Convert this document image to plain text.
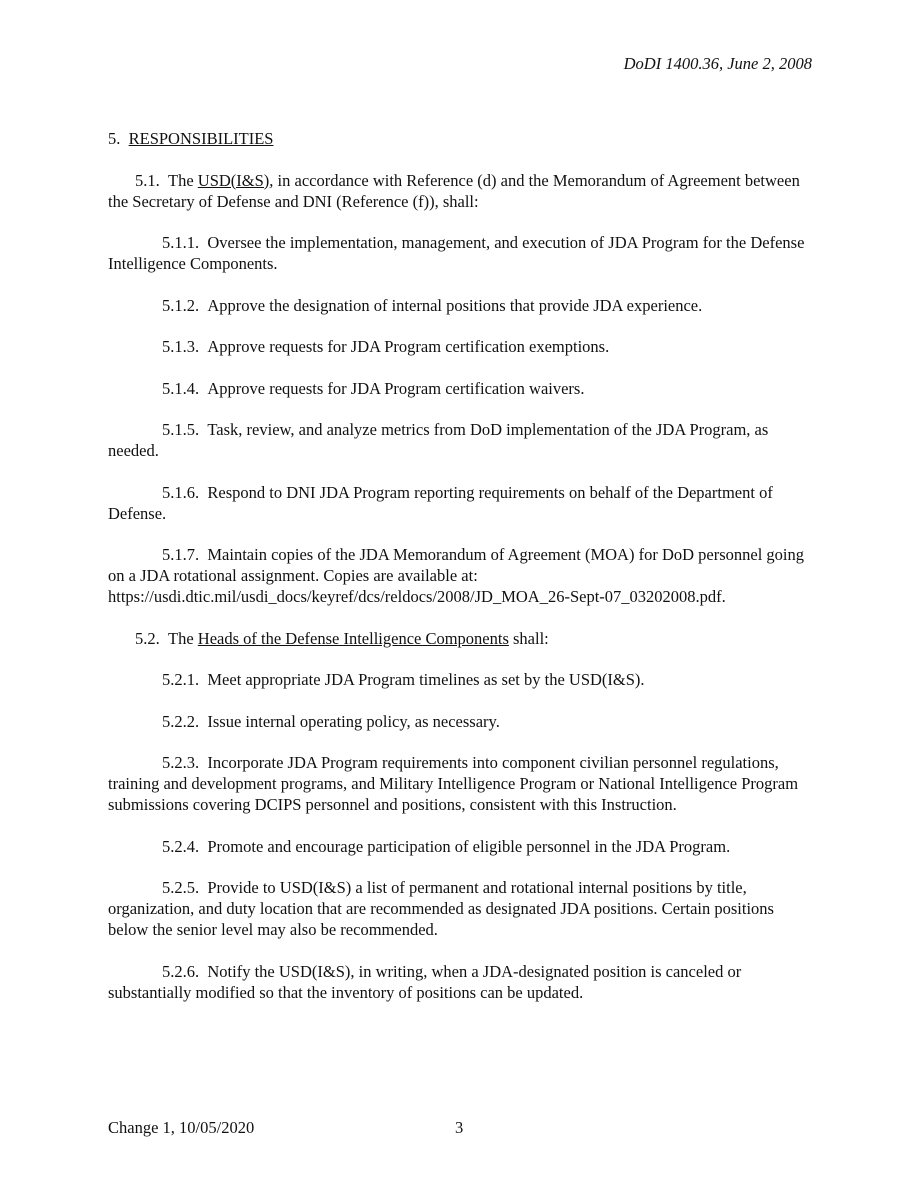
DoDI 1400.36, June 2, 2008

5. RESPONSIBILITIES

5.1. The USD(I&S), in accordance with Reference (d) and the Memorandum of Agreement between the Secretary of Defense and DNI (Reference (f)), shall:

5.1.1. Oversee the implementation, management, and execution of JDA Program for the Defense Intelligence Components.

5.1.2. Approve the designation of internal positions that provide JDA experience.

5.1.3. Approve requests for JDA Program certification exemptions.

5.1.4. Approve requests for JDA Program certification waivers.

5.1.5. Task, review, and analyze metrics from DoD implementation of the JDA Program, as needed.

5.1.6. Respond to DNI JDA Program reporting requirements on behalf of the Department of Defense.

5.1.7. Maintain copies of the JDA Memorandum of Agreement (MOA) for DoD personnel going on a JDA rotational assignment. Copies are available at:
https://usdi.dtic.mil/usdi_docs/keyref/dcs/reldocs/2008/JD_MOA_26-Sept-07_03202008.pdf.

5.2. The Heads of the Defense Intelligence Components shall:

5.2.1. Meet appropriate JDA Program timelines as set by the USD(I&S).

5.2.2. Issue internal operating policy, as necessary.

5.2.3. Incorporate JDA Program requirements into component civilian personnel regulations, training and development programs, and Military Intelligence Program or National Intelligence Program submissions covering DCIPS personnel and positions, consistent with this Instruction.

5.2.4. Promote and encourage participation of eligible personnel in the JDA Program.

5.2.5. Provide to USD(I&S) a list of permanent and rotational internal positions by title, organization, and duty location that are recommended as designated JDA positions. Certain positions below the senior level may also be recommended.

5.2.6. Notify the USD(I&S), in writing, when a JDA-designated position is canceled or substantially modified so that the inventory of positions can be updated.

Change 1, 10/05/2020	3
